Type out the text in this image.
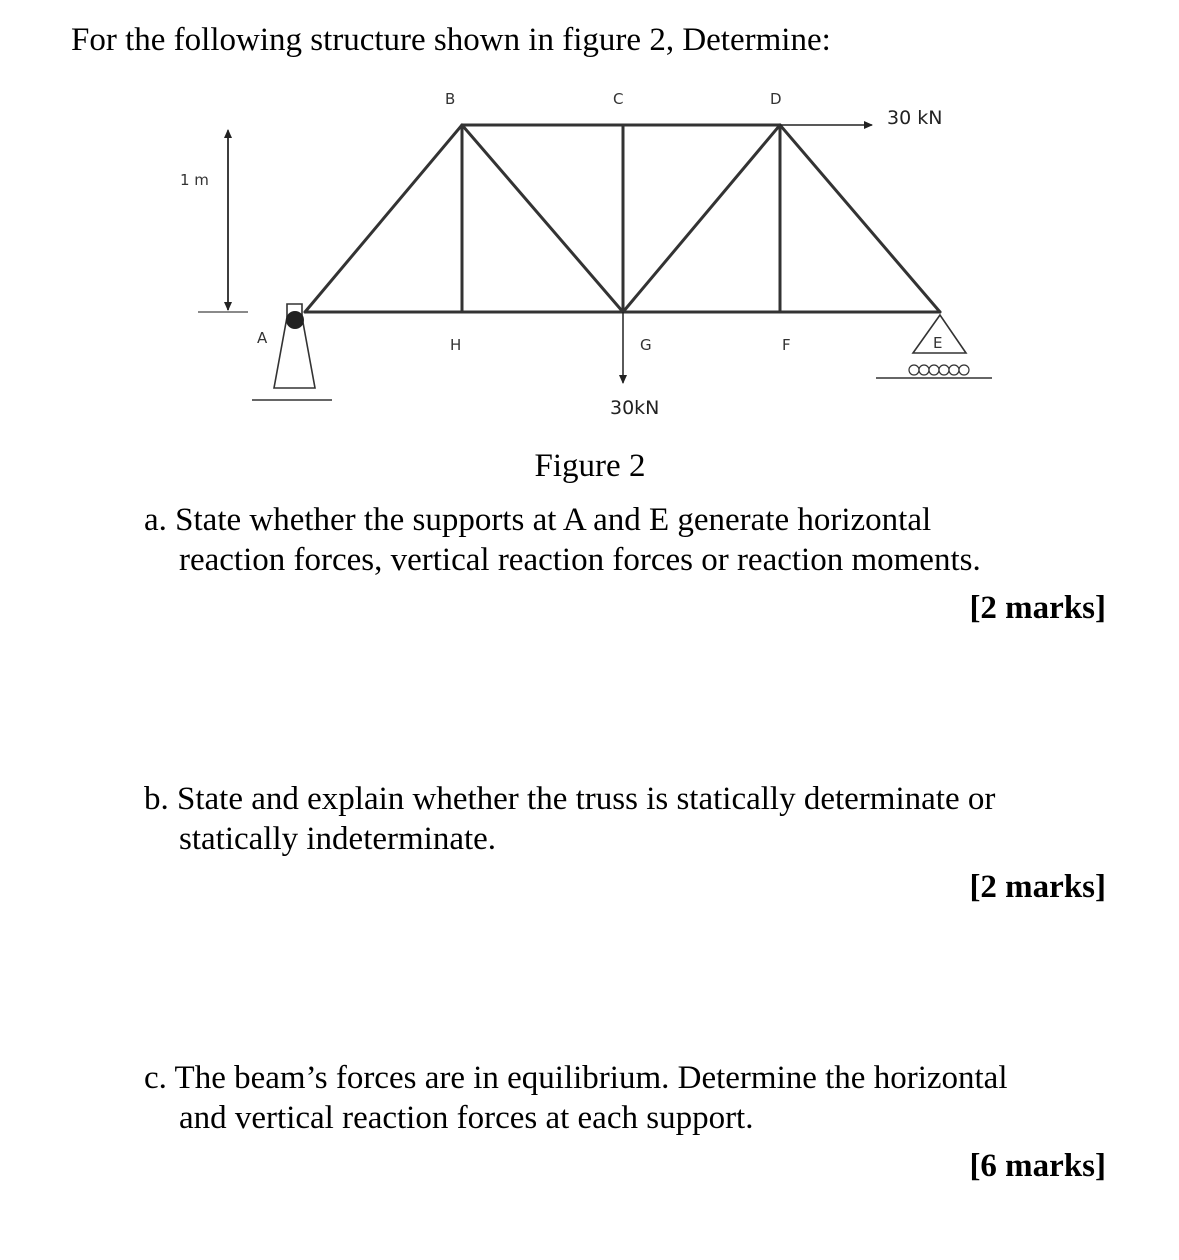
For the following structure shown in figure 2, Determine:
1 m
E
30 kN
30kN
B	C	D
A	H	G	F
Figure 2
a. State whether the supports at A and E generate horizontal
reaction forces, vertical reaction forces or reaction moments.
[2 marks]
b. State and explain whether the truss is statically determinate or
statically indeterminate.
[2 marks]
c. The beam’s forces are in equilibrium. Determine the horizontal
and vertical reaction forces at each support.
[6 marks]
